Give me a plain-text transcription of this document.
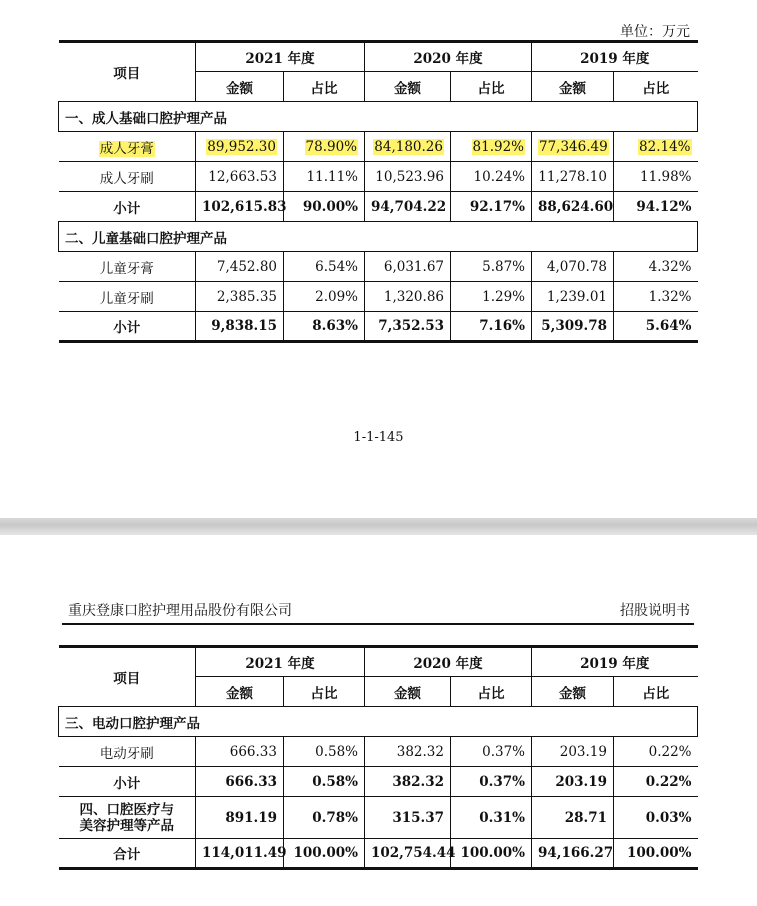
单位：万元
项目	2021 年度		2020 年度		2019 年度	
	金额	占比	金额	占比	金额	占比
一、成人基础口腔护理产品						
成人牙膏	89,952.30	78.90%	84,180.26	81.92%	77,346.49	82.14%
成人牙刷	12,663.53	11.11%	10,523.96	10.24%	11,278.10	11.98%
小计	102,615.83	90.00%	94,704.22	92.17%	88,624.60	94.12%
二、儿童基础口腔护理产品						
儿童牙膏	7,452.80	6.54%	6,031.67	5.87%	4,070.78	4.32%
儿童牙刷	2,385.35	2.09%	1,320.86	1.29%	1,239.01	1.32%
小计	9,838.15	8.63%	7,352.53	7.16%	5,309.78	5.64%
1-1-145
重庆登康口腔护理用品股份有限公司	招股说明书
项目	2021 年度		2020 年度		2019 年度	
	金额	占比	金额	占比	金额	占比
三、电动口腔护理产品						
电动牙刷	666.33	0.58%	382.32	0.37%	203.19	0.22%
小计	666.33	0.58%	382.32	0.37%	203.19	0.22%
四、口腔医疗与
美容护理等产品	891.19	0.78%	315.37	0.31%	28.71	0.03%
合计	114,011.49	100.00%	102,754.44	100.00%	94,166.27	100.00%
